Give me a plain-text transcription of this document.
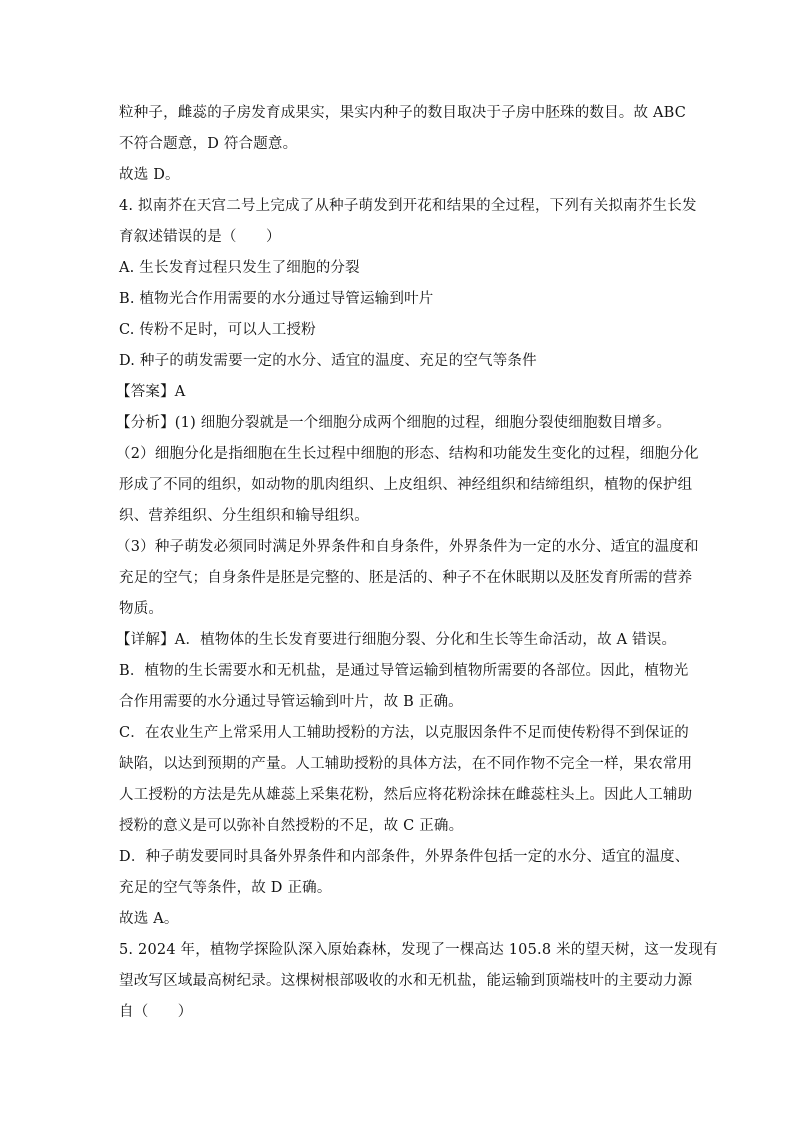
粒种子，雌蕊的子房发育成果实，果实内种子的数目取决于子房中胚珠的数目。故 ABC
不符合题意，D 符合题意。
故选 D。
4. 拟南芥在天宫二号上完成了从种子萌发到开花和结果的全过程，下列有关拟南芥生长发
育叙述错误的是（　　）
A. 生长发育过程只发生了细胞的分裂
B. 植物光合作用需要的水分通过导管运输到叶片
C. 传粉不足时，可以人工授粉
D. 种子的萌发需要一定的水分、适宜的温度、充足的空气等条件
【答案】A
【分析】(1) 细胞分裂就是一个细胞分成两个细胞的过程，细胞分裂使细胞数目增多。
（2）细胞分化是指细胞在生长过程中细胞的形态、结构和功能发生变化的过程，细胞分化
形成了不同的组织，如动物的肌肉组织、上皮组织、神经组织和结缔组织，植物的保护组
织、营养组织、分生组织和输导组织。
（3）种子萌发必须同时满足外界条件和自身条件，外界条件为一定的水分、适宜的温度和
充足的空气；自身条件是胚是完整的、胚是活的、种子不在休眠期以及胚发育所需的营养
物质。
【详解】A．植物体的生长发育要进行细胞分裂、分化和生长等生命活动，故 A 错误。
B．植物的生长需要水和无机盐，是通过导管运输到植物所需要的各部位。因此，植物光
合作用需要的水分通过导管运输到叶片，故 B 正确。
C．在农业生产上常采用人工辅助授粉的方法，以克服因条件不足而使传粉得不到保证的
缺陷，以达到预期的产量。人工辅助授粉的具体方法，在不同作物不完全一样，果农常用
人工授粉的方法是先从雄蕊上采集花粉，然后应将花粉涂抹在雌蕊柱头上。因此人工辅助
授粉的意义是可以弥补自然授粉的不足，故 C 正确。
D．种子萌发要同时具备外界条件和内部条件，外界条件包括一定的水分、适宜的温度、
充足的空气等条件，故 D 正确。
故选 A。
5. 2024 年，植物学探险队深入原始森林，发现了一棵高达 105.8 米的望天树，这一发现有
望改写区域最高树纪录。这棵树根部吸收的水和无机盐，能运输到顶端枝叶的主要动力源
自（　　）
